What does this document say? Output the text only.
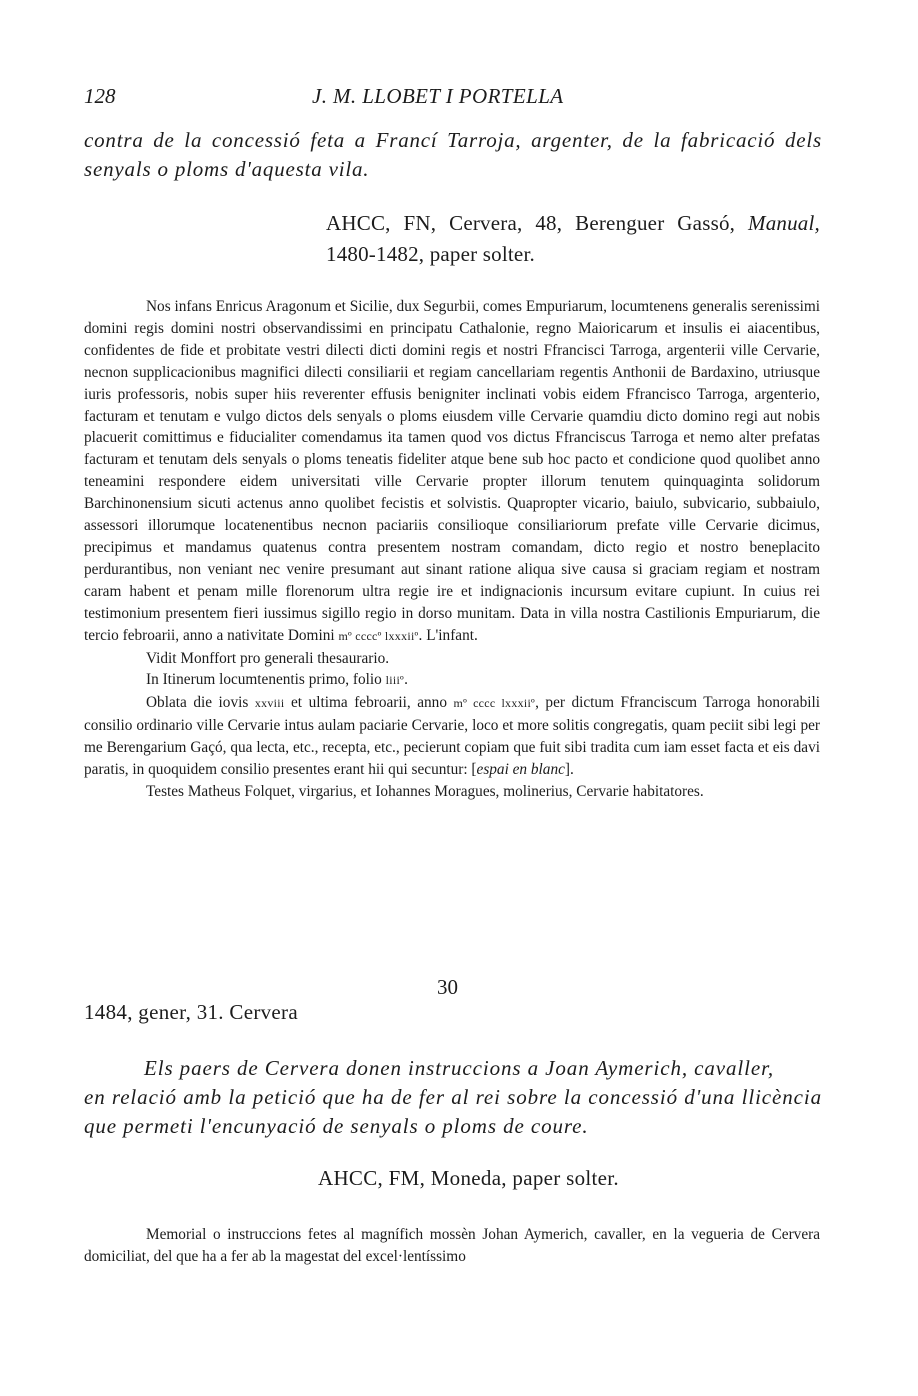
128	J. M. LLOBET I PORTELLA

contra de la concessió feta a Francí Tarroja, argenter, de la fabricació dels senyals o ploms d'aquesta vila.

AHCC, FN, Cervera, 48, Berenguer Gassó, Manual, 1480-1482, paper solter.

Nos infans Enricus Aragonum et Sicilie, dux Segurbii, comes Empuriarum, locumtenens generalis serenissimi domini regis domini nostri observandissimi en principatu Cathalonie, regno Maioricarum et insulis ei aiacentibus, confidentes de fide et probitate vestri dilecti dicti domini regis et nostri Ffrancisci Tarroga, argenterii ville Cervarie, necnon supplicacionibus magnifici dilecti consiliarii et regiam cancellariam regentis Anthonii de Bardaxino, utriusque iuris professoris, nobis super hiis reverenter effusis benigniter inclinati vobis eidem Ffrancisco Tarroga, argenterio, facturam et tenutam e vulgo dictos dels senyals o ploms eiusdem ville Cervarie quamdiu dicto domino regi aut nobis placuerit comittimus e fiducialiter comendamus ita tamen quod vos dictus Ffranciscus Tarroga et nemo alter prefatas facturam et tenutam dels senyals o ploms teneatis fideliter atque bene sub hoc pacto et condicione quod quolibet anno teneamini respondere eidem universitati ville Cervarie propter illorum tenutem quinquaginta solidorum Barchinonensium sicuti actenus anno quolibet fecistis et solvistis. Quapropter vicario, baiulo, subvicario, subbaiulo, assessori illorumque locatenentibus necnon paciariis consilioque consiliariorum prefate ville Cervarie dicimus, precipimus et mandamus quatenus contra presentem nostram comandam, dicto regio et nostro beneplacito perdurantibus, non veniant nec venire presumant aut sinant ratione aliqua sive causa si graciam regiam et nostram caram habent et penam mille florenorum ultra regie ire et indignacionis incursum evitare cupiunt. In cuius rei testimonium presentem fieri iussimus sigillo regio in dorso munitam. Data in villa nostra Castilionis Empuriarum, die tercio febroarii, anno a nativitate Domini mº ccccº lxxxiiº. L'infant.

Vidit Monffort pro generali thesaurario.

In Itinerum locumtenentis primo, folio liiiº.

Oblata die iovis xxviii et ultima febroarii, anno mº cccc lxxxiiº, per dictum Ffranciscum Tarroga honorabili consilio ordinario ville Cervarie intus aulam paciarie Cervarie, loco et more solitis congregatis, quam peciit sibi legi per me Berengarium Gaçó, qua lecta, etc., recepta, etc., pecierunt copiam que fuit sibi tradita cum iam esset facta et eis davi paratis, in quoquidem consilio presentes erant hii qui secuntur: [espai en blanc].

Testes Matheus Folquet, virgarius, et Iohannes Moragues, molinerius, Cervarie habitatores.

30
1484, gener, 31. Cervera

Els paers de Cervera donen instruccions a Joan Aymerich, cavaller,
en relació amb la petició que ha de fer al rei sobre la concessió d'una llicència que permeti l'encunyació de senyals o ploms de coure.

AHCC, FM, Moneda, paper solter.

Memorial o instruccions fetes al magnífich mossèn Johan Aymerich, cavaller, en la vegueria de Cervera domiciliat, del que ha a fer ab la magestat del excel·lentíssimo
